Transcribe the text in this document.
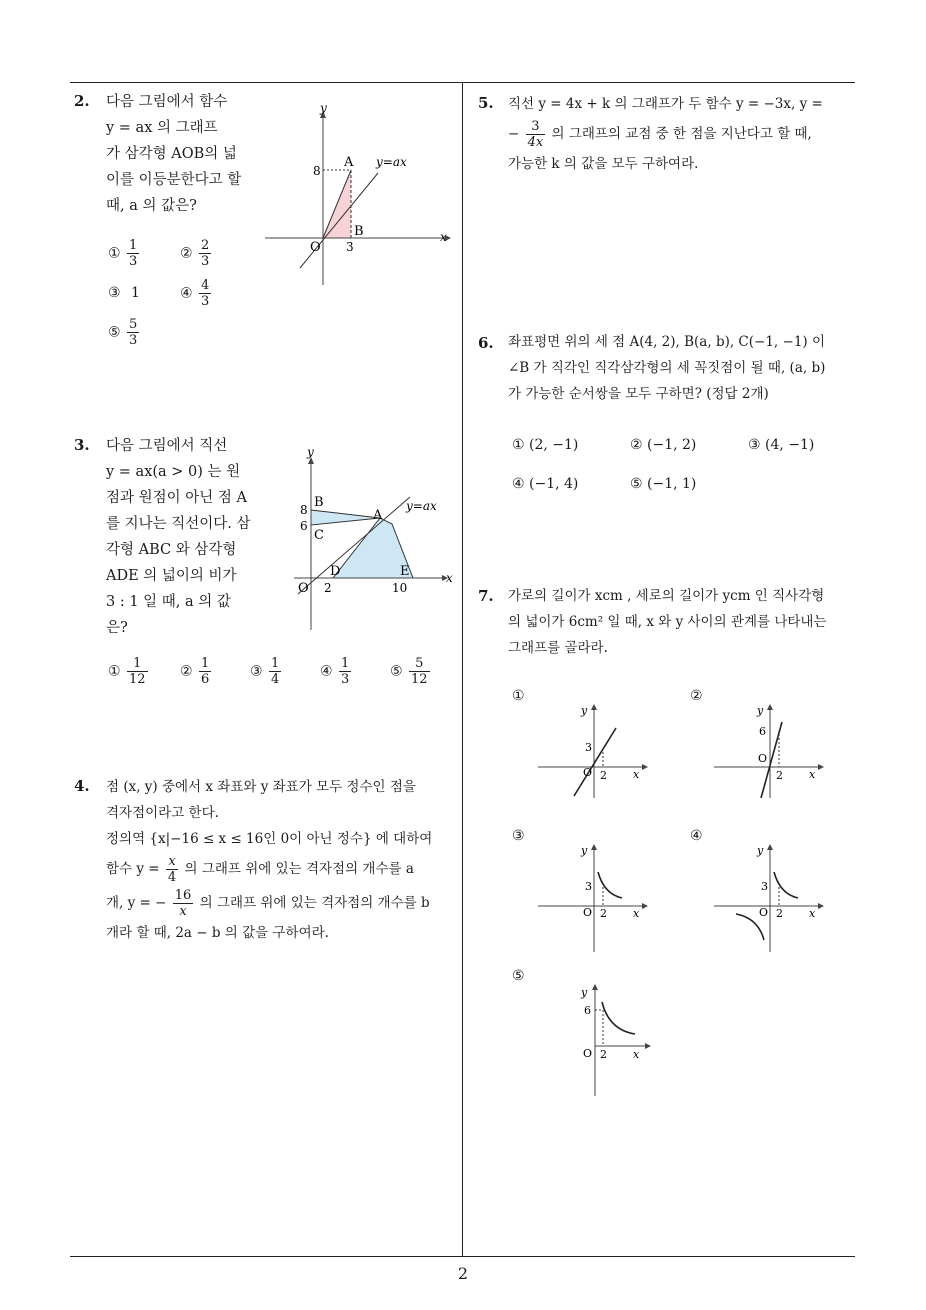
2. 다음 그림에서 함수
y = ax 의 그래프
가 삼각형 AOB의 넓
이를 이등분한다고 할
때, a 의 값은?
① $\frac{1}{3}$	② $\frac{2}{3}$
③ 1	④ $\frac{4}{3}$
⑤ $\frac{5}{3}$
y
x
A
B
O
8
3
y=ax
3. 다음 그림에서 직선
y = ax(a > 0) 는 원
점과 원점이 아닌 점 A
를 지나는 직선이다. 삼
각형 ABC 와 삼각형
ADE 의 넓이의 비가
3 : 1 일 때, a 의 값
은?
y
x
A
B
C
D	E
O
8
6
2	10
y=ax
① $\frac{1}{12}$ ② $\frac{1}{6}$	③ $\frac{1}{4}$	④ $\frac{1}{3}$	⑤ $\frac{5}{12}$
4. 점 (x, y) 중에서 x 좌표와 y 좌표가 모두 정수인 점을
격자점이라고 한다.
정의역 {x|−16 ≤ x ≤ 16인 0이 아닌 정수} 에 대하여
함수 $y = \frac{x}{4}$ 의 그래프 위에 있는 격자점의 개수를 a
개, y = − $\frac{16}{x}$ 의 그래프 위에 있는 격자점의 개수를 b
개라 할 때, 2a − b 의 값을 구하여라.
5. 직선 y = 4x + k 의 그래프가 두 함수 y = −3x, y =
− $\frac{3}{4x}$ 의 그래프의 교점 중 한 점을 지난다고 할 때,
가능한 k 의 값을 모두 구하여라.
6. 좌표평면 위의 세 점 A(4, 2), B(a, b), C(−1, −1) 이
∠B 가 직각인 직각삼각형의 세 꼭짓점이 될 때, (a, b)
가 가능한 순서쌍을 모두 구하면? (정답 2개)
① (2, −1)	② (−1, 2)	③ (4, −1)
④ (−1, 4)	⑤ (−1, 1)
7. 가로의 길이가 xcm , 세로의 길이가 ycm 인 직사각형
의 넓이가 6cm² 일 때, x 와 y 사이의 관계를 나타내는
그래프를 골라라.
①
y
x
O
3
2
②
y
x
O
6
2
③
y
x
O
3
2
④
y
x
O
3
2
⑤
y
x
O
6
2
2
